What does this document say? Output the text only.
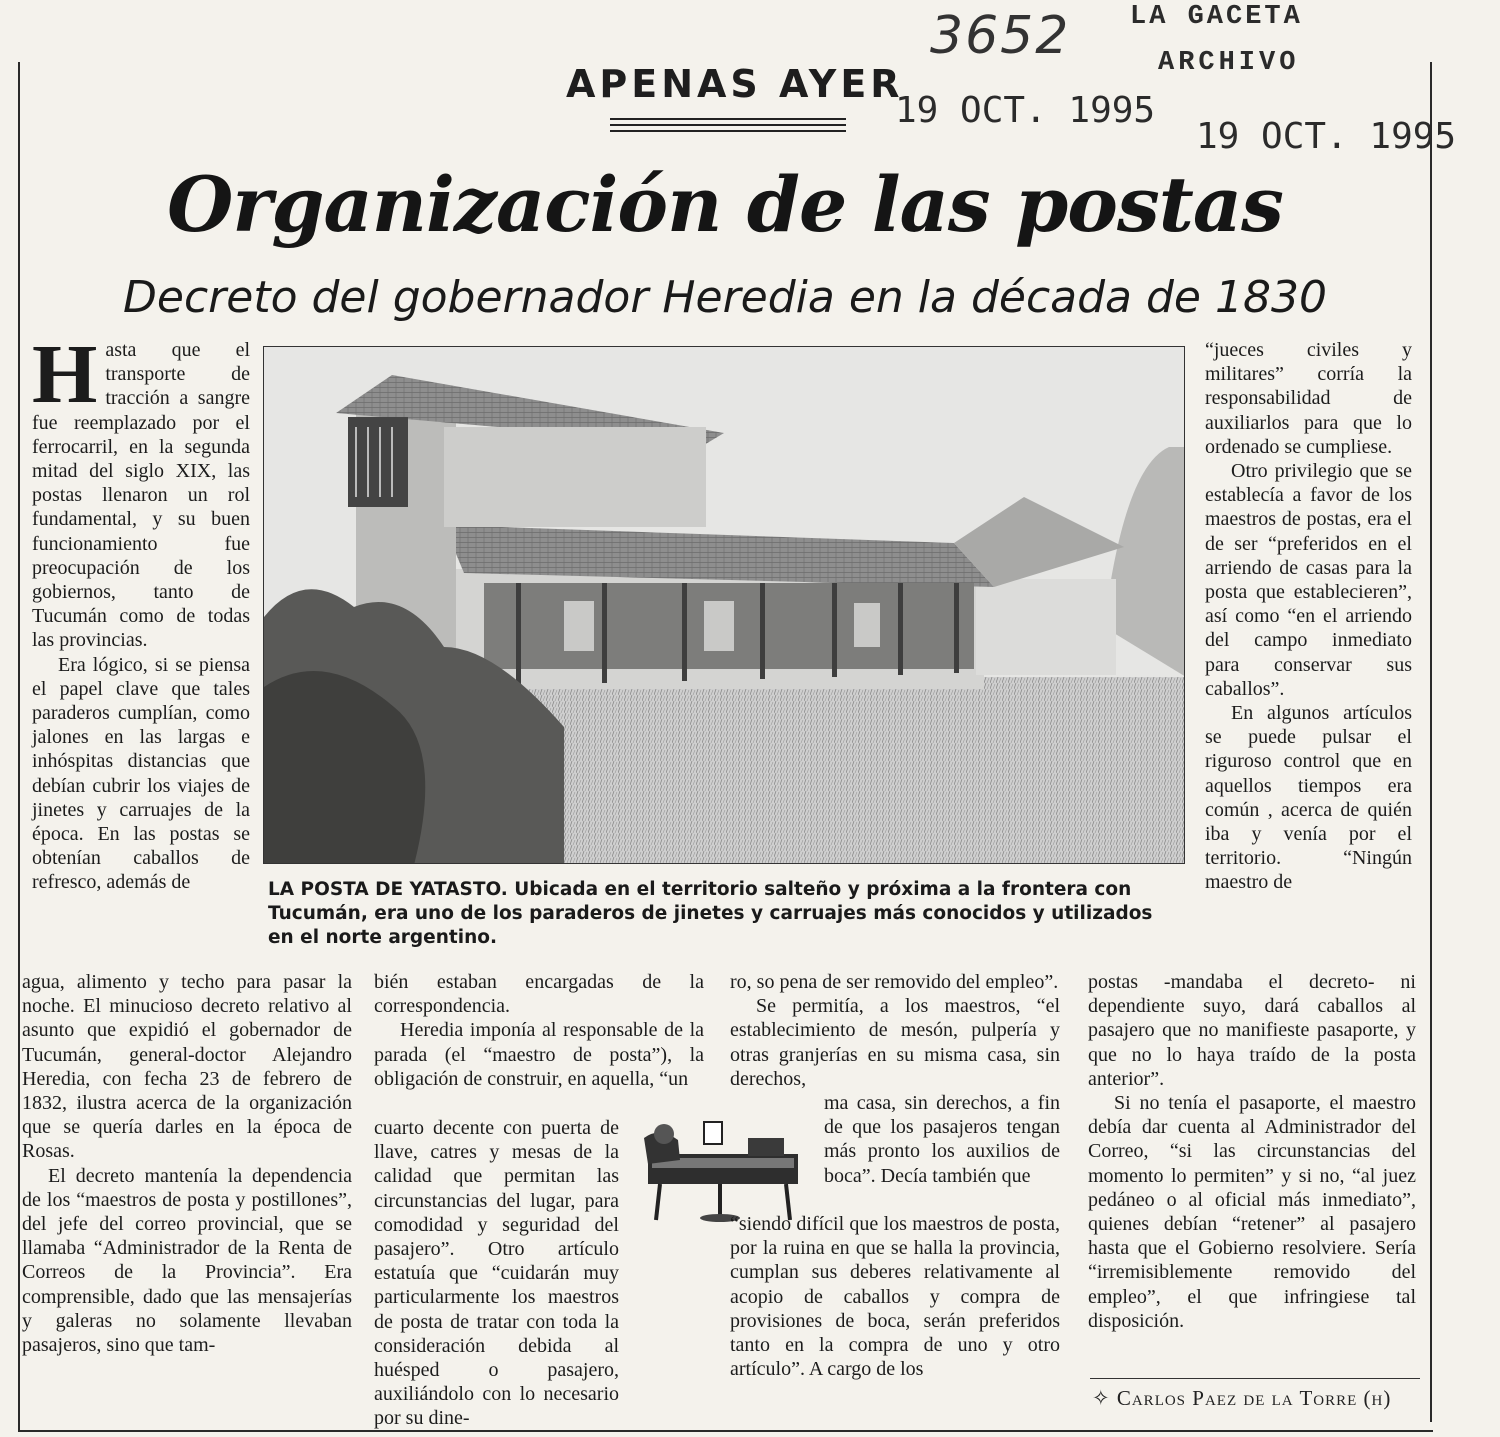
3652 LA GACETA
ARCHIVO
19 OCT. 1995
19 OCT. 1995
APENAS AYER
Organización de las postas
Decreto del gobernador Heredia en la década de 1830

Hasta que el transporte de tracción a sangre fue reemplazado por el ferrocarril, en la segunda mitad del siglo XIX, las postas llenaron un rol fundamental, y su buen funcionamiento fue preocupación de los gobiernos, tanto de Tucumán como de todas las provincias.

Era lógico, si se piensa el papel clave que tales paraderos cumplían, como jalones en las largas e inhóspitas distancias que debían cubrir los viajes de jinetes y carruajes de la época. En las postas se obtenían caballos de refresco, además de	LA POSTA DE YATASTO. Ubicada en el territorio salteño y próxima a la frontera con Tucumán, era uno de los paraderos de jinetes y carruajes más conocidos y utilizados en el norte argentino.

“jueces civiles y militares” corría la responsabilidad de auxiliarlos para que lo ordenado se cumpliese.

Otro privilegio que se establecía a favor de los maestros de postas, era el de ser “preferidos en el arriendo de casas para la posta que establecieren”, así como “en el arriendo del campo inmediato para conservar sus caballos”.

En algunos artículos se puede pulsar el riguroso control que en aquellos tiempos era común , acerca de quién iba y venía por el territorio. “Ningún maestro de

agua, alimento y techo para pasar la noche. El minucioso decreto relativo al asunto que expidió el gobernador de Tucumán, general-doctor Alejandro Heredia, con fecha 23 de febrero de 1832, ilustra acerca de la organización que se quería darles en la época de Rosas.

El decreto mantenía la dependencia de los “maestros de posta y postillones”, del jefe del correo provincial, que se llamaba “Administrador de la Renta de Correos de la Provincia”. Era comprensible, dado que las mensajerías y galeras no solamente llevaban pasajeros, sino que tam-

bién estaban encargadas de la correspondencia.

Heredia imponía al responsable de la parada (el “maestro de posta”), la obligación de construir, en aquella, “un

cuarto decente con puerta de llave, catres y mesas de la calidad que permitan las circunstancias del lugar, para comodidad y seguridad del pasajero”. Otro artículo estatuía que “cuidarán muy particularmente los maestros de posta de tratar con toda la consideración debida al huésped o pasajero, auxiliándolo con lo necesario por su dine-

ro, so pena de ser removido del empleo”.

Se permitía, a los maestros, “el establecimiento de mesón, pulpería y otras granjerías en su misma casa, sin derechos,

ma casa, sin derechos, a fin de que los pasajeros tengan más pronto los auxilios de boca”. Decía también que

“siendo difícil que los maestros de posta, por la ruina en que se halla la provincia, cumplan sus deberes relativamente al acopio de caballos y compra de provisiones de boca, serán preferidos tanto en la compra de uno y otro artículo”. A cargo de los

postas -mandaba el decreto- ni dependiente suyo, dará caballos al pasajero que no manifieste pasaporte, y que no lo haya traído de la posta anterior”.

Si no tenía el pasaporte, el maestro debía dar cuenta al Administrador del Correo, “si las circunstancias del momento lo permiten” y si no, “al juez pedáneo o al oficial más inmediato”, quienes debían “retener” al pasajero hasta que el Gobierno resolviere. Sería “irremisiblemente removido del empleo”, el que infringiese tal disposición.

✧ Carlos Paez de la Torre (h)
